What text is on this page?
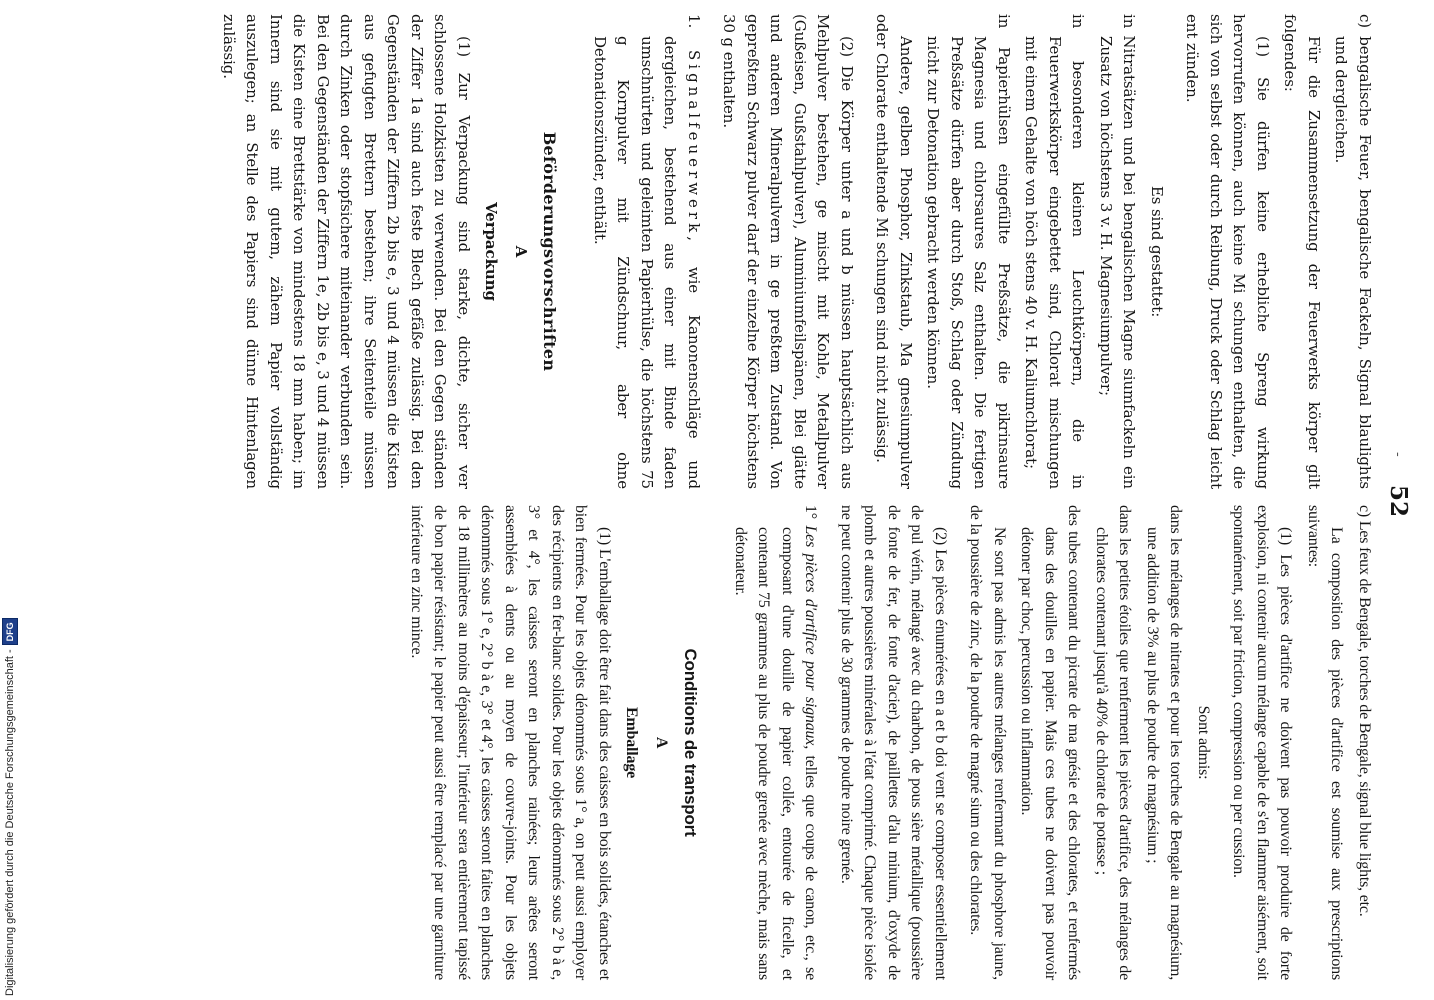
-
52
c) bengalische Feuer, bengalische Fackeln, Signal blaulights und dergleichen.
Für die Zusammensetzung der Feuerwerks körper gilt folgendes:
(1) Sie dürfen keine erhebliche Spreng wirkung hervorrufen können, auch keine Mi schungen enthalten, die sich von selbst oder durch Reibung, Druck oder Schlag leicht ent zünden.
Es sind gestattet:
in Nitratsätzen und bei bengalischen Magne siumfackeln ein Zusatz von höchstens 3 v. H. Magnesiumpulver;
in besonderen kleinen Leuchtkörpern, die in Feuerwerkskörper eingebettet sind, Chlorat mischungen mit einem Gehalte von höch stens 40 v. H. Kaliumchlorat;
in Papierhülsen eingefüllte Preßsätze, die pikrinsaure Magnesia und chlorsaures Salz enthalten. Die fertigen Preßsätze dürfen aber durch Stoß, Schlag oder Zündung nicht zur Detonation gebracht werden können.
Andere, gelben Phosphor, Zinkstaub, Ma gnesiumpulver oder Chlorate enthaltende Mi schungen sind nicht zulässig.
(2) Die Körper unter a und b müssen hauptsächlich aus Mehlpulver bestehen, ge mischt mit Kohle, Metallpulver (Gußeisen, Gußstahlpulver), Aluminiumfeilspänen, Blei glätte und anderen Mineralpulvern in ge preßtem Zustand. Von gepreßtem Schwarz pulver darf der einzelne Körper höchstens 30 g enthalten.
1. Signalfeuerwerk, wie Kanonenschläge und dergleichen, bestehend aus einer mit Binde faden umschnürten und geleimten Papierhülse, die höchstens 75 g Kornpulver mit Zündschnur, aber ohne Detonationszünder, enthält.
Beförderungsvorschriften
A
Verpackung
(1) Zur Verpackung sind starke, dichte, sicher ver schlossene Holzkisten zu verwenden. Bei den Gegen ständen der Ziffer 1a sind auch feste Blech gefäße zulässig. Bei den Gegenständen der Ziffern 2b bis e, 3 und 4 müssen die Kisten aus gefugten Brettern bestehen; ihre Seitenteile müssen durch Zinken oder stopfsichere miteinander verbunden sein. Bei den Gegenständen der Ziffern 1e, 2b bis e, 3 und 4 müssen die Kisten eine Brettstärke von mindestens 18 mm haben; im Innern sind sie mit gutem, zähem Papier vollständig auszulegen; an Stelle des Papiers sind dünne Hintenlagen zulässig.
c) Les feux de Bengale, torches de Bengale, signal blue lights, etc.
La composition des pièces d'artifice est soumise aux prescriptions suivantes:
(1) Les pièces d'artifice ne doivent pas pouvoir produire de forte explosion, ni contenir aucun mélange capable de s'en flammer aisément, soit spontanément, soit par friction, compression ou per cussion.
Sont admis:
dans les mélanges de nitrates et pour les torches de Bengale au magnésium, une addition de 3% au plus de poudre de magnésium ;
dans les petites étoiles que renferment les pièces d'artifice, des mélanges de chlorates contenant jusqu'à 40% de chlorate de potasse ;
des tubes contenant du picrate de ma gnésie et des chlorates, et renfermés dans des douilles en papier. Mais ces tubes ne doivent pas pouvoir détoner par choc, percussion ou inflammation.
Ne sont pas admis les autres mélanges renfermant du phosphore jaune, de la poussière de zinc, de la poudre de magné sium ou des chlorates.
(2) Les pièces énumérées en a et b doi vent se composer essentiellement de pul vérin, mélangé avec du charbon, de pous sière métallique (poussière de fonte de fer, de fonte d'acier), de paillettes d'alu minium, d'oxyde de plomb et autres poussières minérales à l'état comprimé. Chaque pièce isolée ne peut contenir plus de 30 grammes de poudre noire grenée.
1° Les pièces d'artifice pour signaux, telles que coups de canon, etc., se composant d'une douille de papier collée, entourée de ficelle, et contenant 75 grammes au plus de poudre grenée avec mèche, mais sans détonateur.
Conditions de transport
A
Emballage
(1) L'emballage doit être fait dans des caisses en bois solides, étanches et bien fermées. Pour les objets dénommés sous 1° a, on peut aussi employer des récipients en fer-blanc solides. Pour les objets dénommés sous 2° b à e, 3° et 4°, les caisses seront en planches rainées; leurs arêtes seront assemblées à dents ou au moyen de couvre-joints. Pour les objets dénommés sous 1° e, 2° b à e, 3° et 4°, les caisses seront faites en planches de 18 millimètres au moins d'épaisseur; l'intérieur sera entièrement tapissé de bon papier résistant; le papier peut aussi être remplacé par une garniture intérieure en zinc mince.
Digitalisierung gefördert durch die Deutsche Forschungsgemeinschaft -
DFG
